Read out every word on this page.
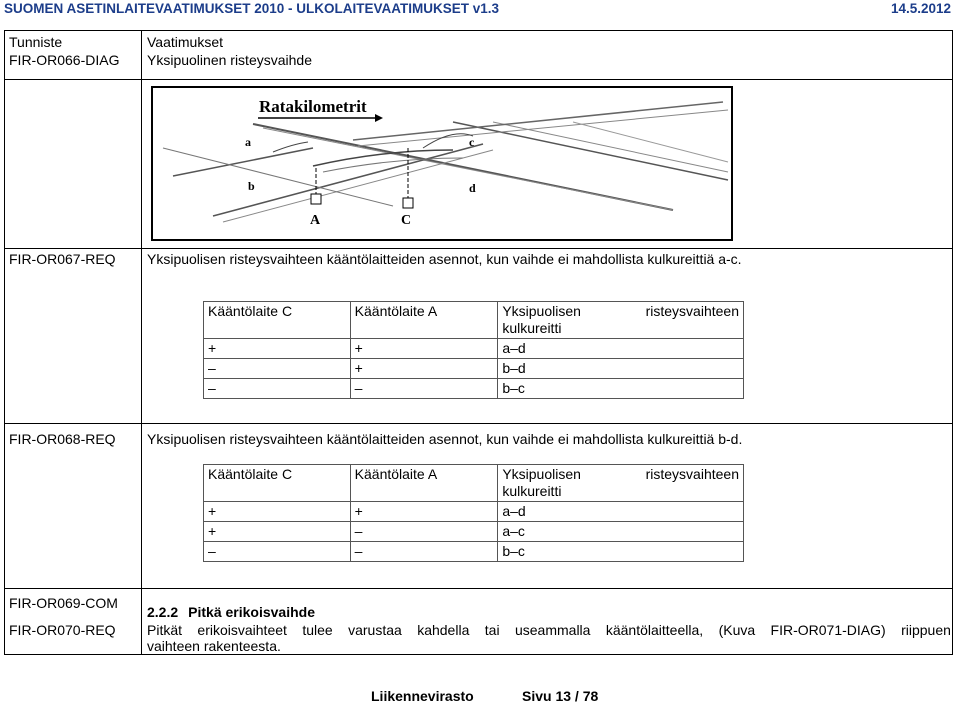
SUOMEN ASETINLAITEVAATIMUKSET 2010 - ULKOLAITEVAATIMUKSET v1.3	14.5.2012
Tunniste	Vaatimukset
FIR-OR066-DIAG Yksipuolinen risteysvaihde
Ratakilometrit
a
b
c
d
A	C
FIR-OR067-REQ Yksipuolisen risteysvaihteen kääntölaitteiden asennot, kun vaihde ei mahdollista kulkureittiä a-c.
Kääntölaite C	Kääntölaite A	Yksipuolisen risteysvaihteen
kulkureitti

+	+	a–d
–	+	b–d
–	–	b–c
FIR-OR068-REQ Yksipuolisen risteysvaihteen kääntölaitteiden asennot, kun vaihde ei mahdollista kulkureittiä b-d.
Kääntölaite C	Kääntölaite A	Yksipuolisen risteysvaihteen
kulkureitti

+	+	a–d
+	–	a–c
–	–	b–c
FIR-OR069-COM
2.2.2 Pitkä erikoisvaihde
FIR-OR070-REQ Pitkät erikoisvaihteet tulee varustaa kahdella tai useammalla kääntölaitteella, (Kuva FIR-OR071-DIAG) riippuen
vaihteen rakenteesta.
Liikennevirasto	Sivu 13 / 78
